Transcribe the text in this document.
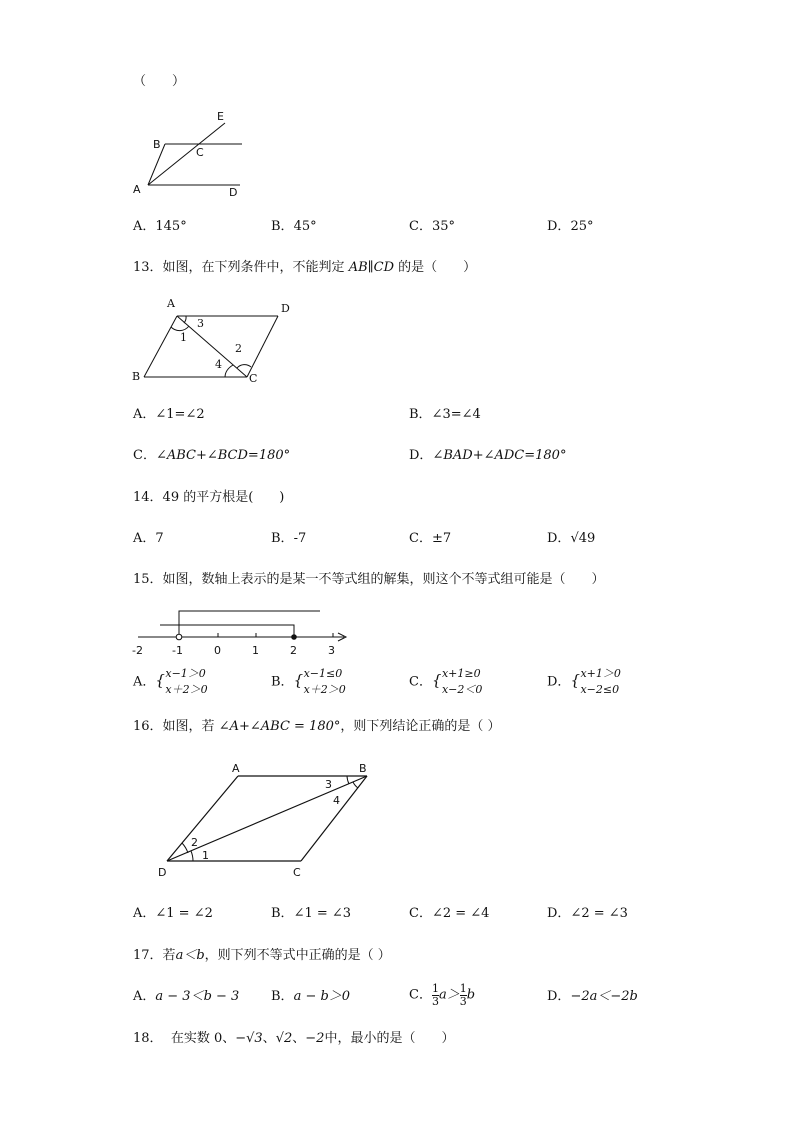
（　　）
E
B
C
A	D
A．145°	B．45°	C．35°	D．25°
13．如图，在下列条件中，不能判定 AB∥CD 的是（　　）
A	D
B	C
1
2
3
4
A．∠1=∠2	B．∠3=∠4
C．∠ABC+∠BCD=180°	D．∠BAD+∠ADC=180°
14．49 的平方根是(　　)
A．7	B．-7	C．±7	D．√49
15．如图，数轴上表示的是某一不等式组的解集，则这个不等式组可能是（　　）
-2	-1	0	1	2	3
A．
{ x−1＞0
x＋2＞0	B．
{ x−1≤0
x＋2＞0	C．
{ x+1≥0
x−2＜0	D．
{ x+1＞0
x−2≤0
16．如图，若 ∠A+∠ABC = 180°，则下列结论正确的是（ ）
A	B
3
4
2
1
D	C
A．∠1 = ∠2	B．∠1 = ∠3	C．∠2 = ∠4	D．∠2 = ∠3
17．若a＜b，则下列不等式中正确的是（ ）
A．a − 3＜b − 3 B．a − b＞0	C． $\frac{1}{3} a> \frac{1}{3}$ b	D．−2a＜−2b
18． 在实数 0、−√3、√2、−2中，最小的是（　　）
